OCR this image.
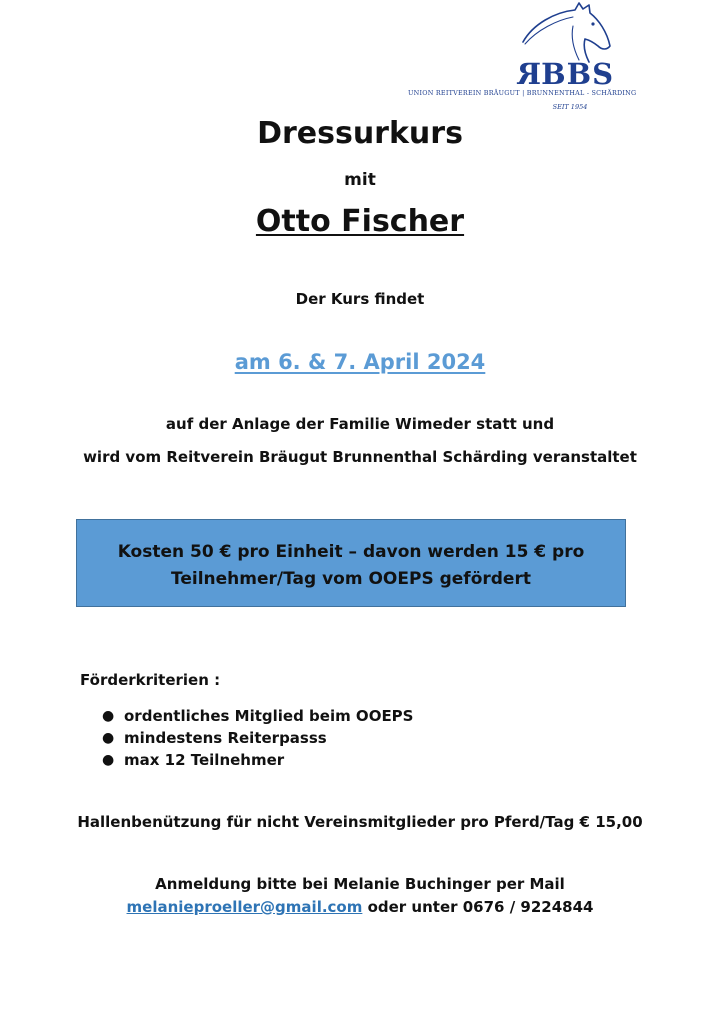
RBBS
UNION REITVEREIN BRÄUGUT | BRUNNENTHAL - SCHÄRDING
SEIT 1954
Dressurkurs
mit
Otto Fischer
Der Kurs findet
am 6. & 7. April 2024
auf der Anlage der Familie Wimeder statt und
wird vom Reitverein Bräugut Brunnenthal Schärding veranstaltet
Kosten 50 € pro Einheit – davon werden 15 € pro
Teilnehmer/Tag vom OOEPS gefördert
Förderkriterien :
● ordentliches Mitglied beim OOEPS
● mindestens Reiterpasss
● max 12 Teilnehmer
Hallenbenützung für nicht Vereinsmitglieder pro Pferd/Tag € 15,00
Anmeldung bitte bei Melanie Buchinger per Mail
melanieproeller@gmail.com oder unter 0676 / 9224844
